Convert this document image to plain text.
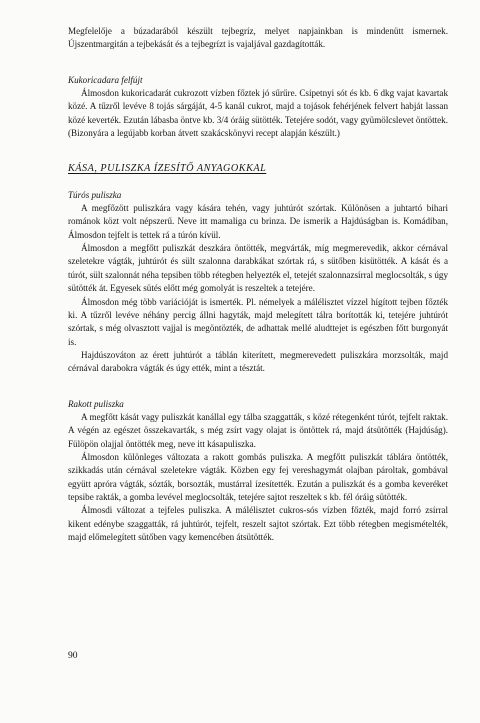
Megfelelője a búzadarából készült tejbegríz, melyet napjainkban is mindenütt ismernek. Újszentmargitán a tejbekását és a tejbegrízt is vajaljával gazdagították.

Kukoricadara felfújt

Álmosdon kukoricadarát cukrozott vízben főztek jó sűrűre. Csipetnyi sót és kb. 6 dkg vajat kavartak közé. A tűzről levéve 8 tojás sárgáját, 4-5 kanál cukrot, majd a tojások fehérjének felvert habját lassan közé keverték. Ezután lábasba öntve kb. 3/4 óráig sütötték. Tetejére sodót, vagy gyümölcslevet öntöttek. (Bizonyára a legújabb korban átvett szakácskönyvi recept alapján készült.)

KÁSA, PULISZKA ÍZESÍTŐ ANYAGOKKAL
Túrós puliszka

A megfőzött puliszkára vagy kására tehén, vagy juhtúrót szórtak. Különösen a juhtartó bihari románok közt volt népszerű. Neve itt mamaliga cu brinza. De ismerik a Hajdúságban is. Komádiban, Álmosdon tejfelt is tettek rá a túrón kívül.

Álmosdon a megfőtt puliszkát deszkára öntötték, megvárták, míg megmerevedik, akkor cérnával szeletekre vágták, juhtúrót és sült szalonna darabkákat szórtak rá, s sütőben kisütötték. A kását és a túrót, sült szalonnát néha tepsiben több rétegben helyezték el, tetejét szalonnazsírral meglocsolták, s úgy sütötték át. Egyesek sütés előtt még gomolyát is reszeltek a tetejére.

Álmosdon még több variációját is ismerték. Pl. némelyek a málélisztet vízzel hígított tejben főzték ki. A tűzről levéve néhány percig állni hagyták, majd melegített tálra borították ki, tetejére juhtúrót szórtak, s még olvasztott vajjal is megöntözték, de adhattak mellé aludttejet is egészben főtt burgonyát is.

Hajdúszováton az érett juhtúrót a táblán kiterített, megmerevedett puliszkára morzsolták, majd cérnával darabokra vágták és úgy ették, mint a tésztát.

Rakott puliszka

A megfőtt kását vagy puliszkát kanállal egy tálba szaggatták, s közé rétegenként túrót, tejfelt raktak. A végén az egészet összekavarták, s még zsírt vagy olajat is öntöttek rá, majd átsütötték (Hajdúság). Fülöpön olajjal öntötték meg, neve itt kásapuliszka.

Álmosdon különleges változata a rakott gombás puliszka. A megfőtt puliszkát táblára öntötték, szikkadás után cérnával szeletekre vágták. Közben egy fej vereshagymát olajban pároltak, gombával együtt apróra vágták, sózták, borsozták, mustárral ízesítették. Ezután a puliszkát és a gomba keveréket tepsibe rakták, a gomba levével meglocsolták, tetejére sajtot reszeltek s kb. fél óráig sütötték.

Álmosdi változat a tejfeles puliszka. A málélisztet cukros-sós vízben főzték, majd forró zsírral kikent edénybe szaggatták, rá juhtúrót, tejfelt, reszelt sajtot szórtak. Ezt több rétegben megismételték, majd előmelegített sütőben vagy kemencében átsütötték.

90
